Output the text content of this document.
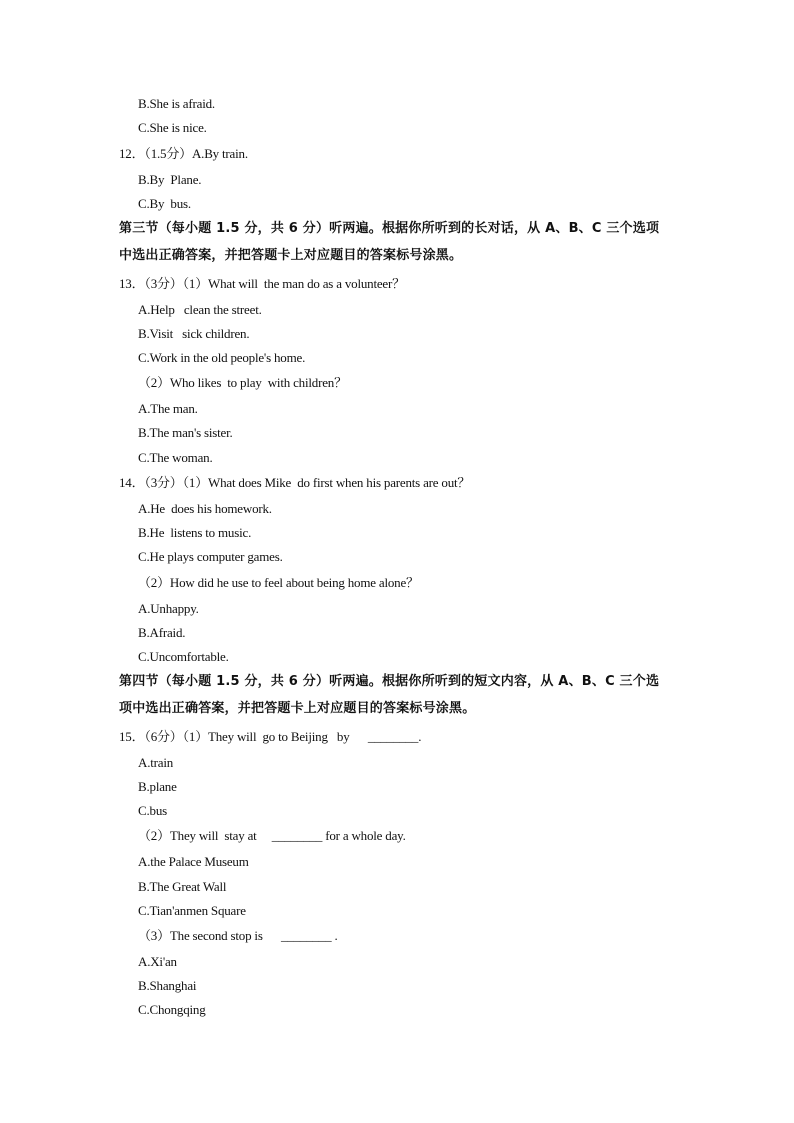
B.She is afraid.
C.She is nice.
12．（1.5分）A.By train.
B.By  Plane.
C.By  bus.
第三节（每小题 1.5 分，共 6 分）听两遍。根据你所听到的长对话，从 A、B、C 三个选项
中选出正确答案，并把答题卡上对应题目的答案标号涂黑。
13．（3分）（1）What will  the man do as a volunteer？
A.Help   clean the street.
B.Visit   sick children.
C.Work in the old people's home.
（2）Who likes  to play  with children？
A.The man.
B.The man's sister.
C.The woman.
14．（3分）（1）What does Mike  do first when his parents are out？
A.He  does his homework.
B.He  listens to music.
C.He plays computer games.
（2）How did he use to feel about being home alone？
A.Unhappy.
B.Afraid.
C.Uncomfortable.
第四节（每小题 1.5 分，共 6 分）听两遍。根据你所听到的短文内容，从 A、B、C 三个选
项中选出正确答案，并把答题卡上对应题目的答案标号涂黑。
15．（6分）（1）They will  go to Beijing   by      ________.
A.train
B.plane
C.bus
（2）They will  stay at     ________ for a whole day.
A.the Palace Museum
B.The Great Wall
C.Tian'anmen Square
（3）The second stop is      ________ .
A.Xi'an
B.Shanghai
C.Chongqing
